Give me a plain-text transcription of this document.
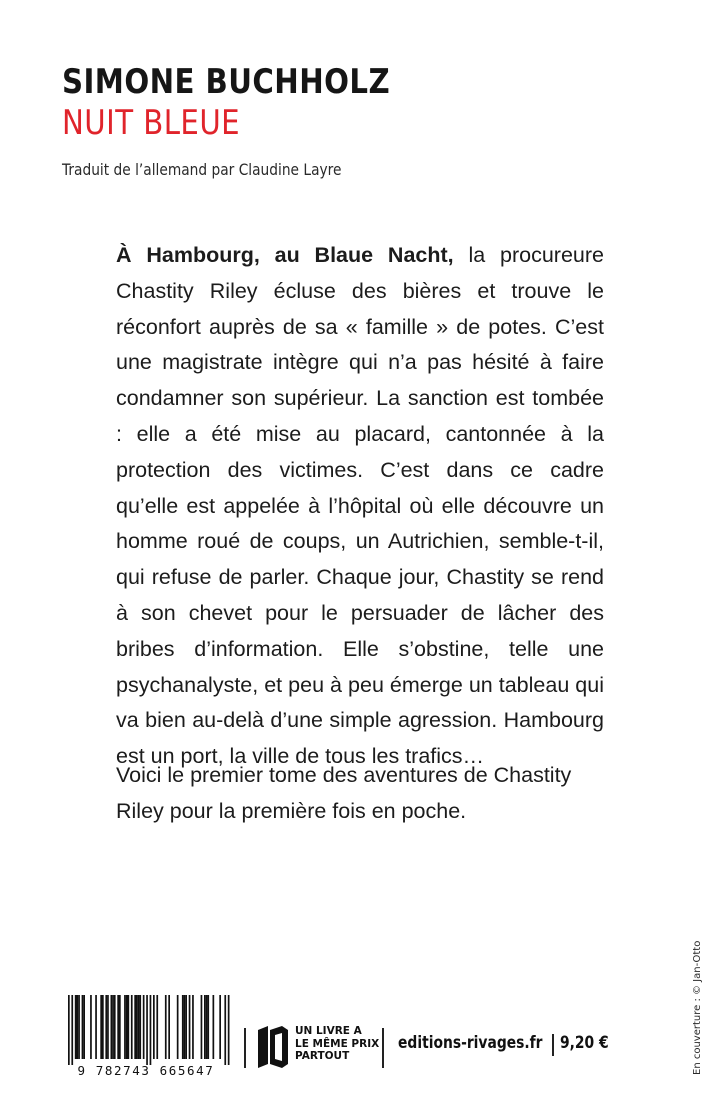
SIMONE BUCHHOLZ
NUIT BLEUE
Traduit de l’allemand par Claudine Layre

À Hambourg, au Blaue Nacht, la procureure Chastity Riley écluse des bières et trouve le réconfort auprès de sa « famille » de potes. C’est une magistrate intègre qui n’a pas hésité à faire condamner son supérieur. La sanction est tombée : elle a été mise au placard, cantonnée à la protection des victimes. C’est dans ce cadre qu’elle est appelée à l’hôpital où elle découvre un homme roué de coups, un Autrichien, semble-t-il, qui refuse de parler. Chaque jour, Chastity se rend à son chevet pour le persuader de lâcher des bribes d’information. Elle s’obstine, telle une psychanalyste, et peu à peu émerge un tableau qui va bien au-delà d’une simple agression. Hambourg est un port, la ville de tous les trafics…

Voici le premier tome des aventures de Chastity Riley pour la première fois en poche.

En couverture : © Jan-Otto
9 782743 665647
UN LIVRE A
LE MÊME PRIX
PARTOUT
editions-rivages.fr 9,20 €
